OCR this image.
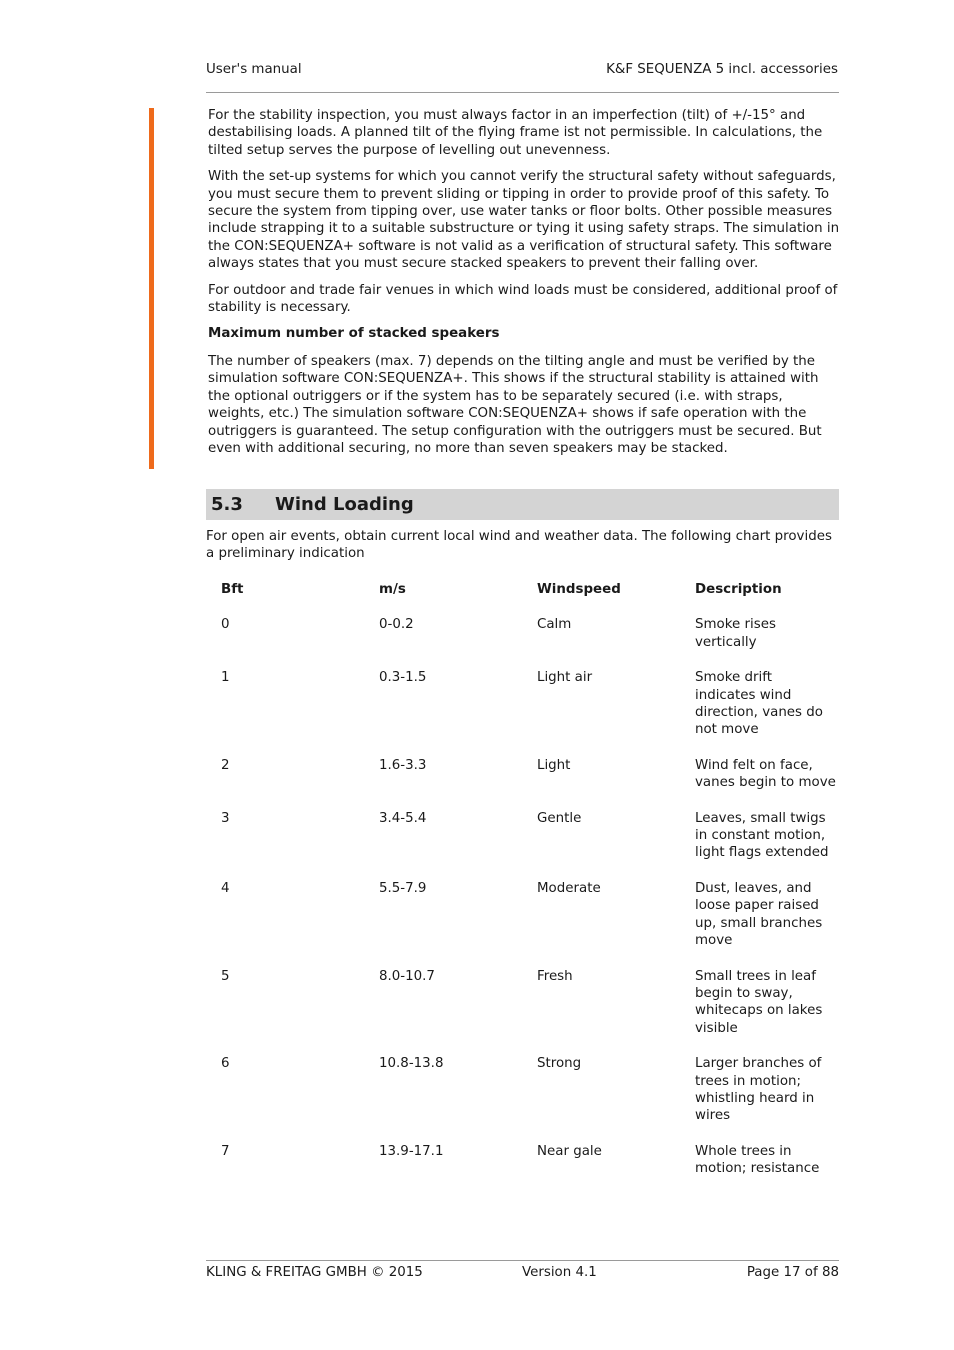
User's manual	K&F SEQUENZA 5 incl. accessories

For the stability inspection, you must always factor in an imperfection (tilt) of +/-15° and destabilising loads. A planned tilt of the flying frame ist not permissible. In calculations, the tilted setup serves the purpose of levelling out unevenness.

With the set-up systems for which you cannot verify the structural safety without safeguards, you must secure them to prevent sliding or tipping in order to provide proof of this safety. To secure the system from tipping over, use water tanks or floor bolts. Other possible measures include strapping it to a suitable substructure or tying it using safety straps. The simulation in the CON:SEQUENZA+ software is not valid as a verification of structural safety. This software always states that you must secure stacked speakers to prevent their falling over.

For outdoor and trade fair venues in which wind loads must be considered, additional proof of stability is necessary.

Maximum number of stacked speakers

The number of speakers (max. 7) depends on the tilting angle and must be verified by the simulation software CON:SEQUENZA+. This shows if the structural stability is attained with the optional outriggers or if the system has to be separately secured (i.e. with straps, weights, etc.) The simulation software CON:SEQUENZA+ shows if safe operation with the outriggers is guaranteed. The setup configuration with the outriggers must be secured. But even with additional securing, no more than seven speakers may be stacked.

5.3 Wind Loading

For open air events, obtain current local wind and weather data. The following chart provides a preliminary indication

Bft	m/s	Windspeed	Description
0	0-0.2	Calm	Smoke rises vertically
1	0.3-1.5	Light air	Smoke drift indicates wind direction, vanes do not move
2	1.6-3.3	Light	Wind felt on face, vanes begin to move
3	3.4-5.4	Gentle	Leaves, small twigs in constant motion, light flags extended
4	5.5-7.9	Moderate	Dust, leaves, and loose paper raised up, small branches move
5	8.0-10.7	Fresh	Small trees in leaf begin to sway, whitecaps on lakes visible
6	10.8-13.8	Strong	Larger branches of trees in motion; whistling heard in wires
7	13.9-17.1	Near gale	Whole trees in motion; resistance
KLING & FREITAG GMBH © 2015	Version 4.1	Page 17 of 88
